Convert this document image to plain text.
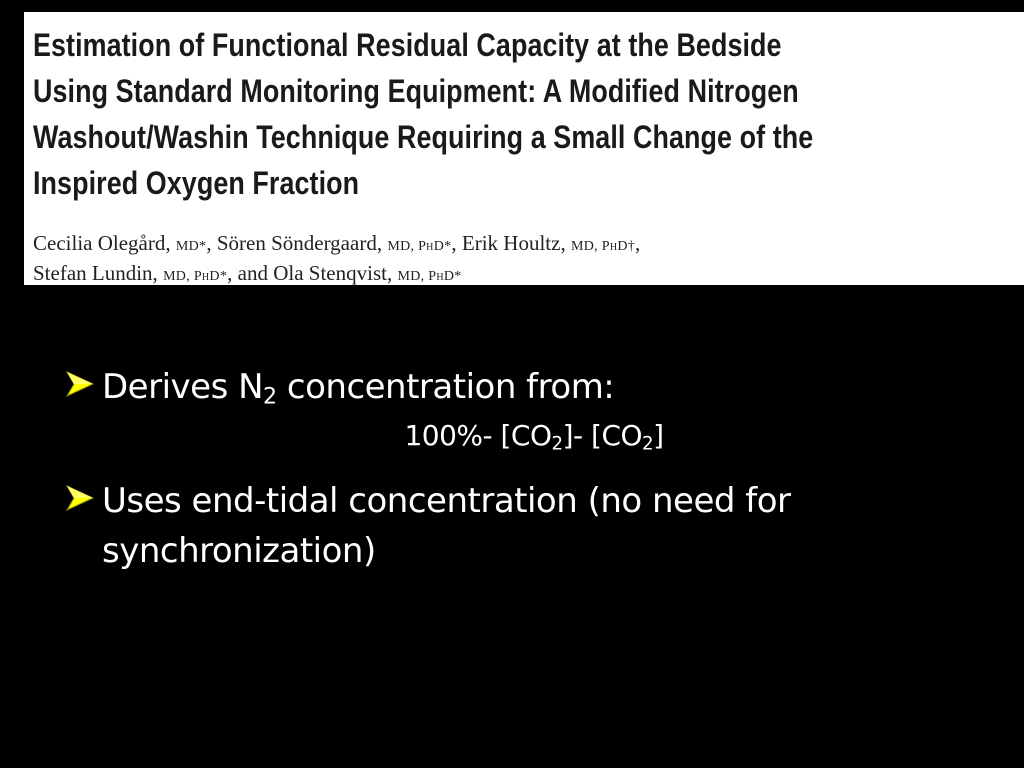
Estimation of Functional Residual Capacity at the Bedside
Using Standard Monitoring Equipment: A Modified Nitrogen
Washout/Washin Technique Requiring a Small Change of the
Inspired Oxygen Fraction
Cecilia Olegård, MD*, Sören Söndergaard, MD, PhD*, Erik Houltz, MD, PhD†,
Stefan Lundin, MD, PhD*, and Ola Stenqvist, MD, PhD*
Derives $N_2$ concentration from:
100%- $[CO_2]-$ $[CO_2]$
Uses end-tidal concentration (no need for synchronization)
